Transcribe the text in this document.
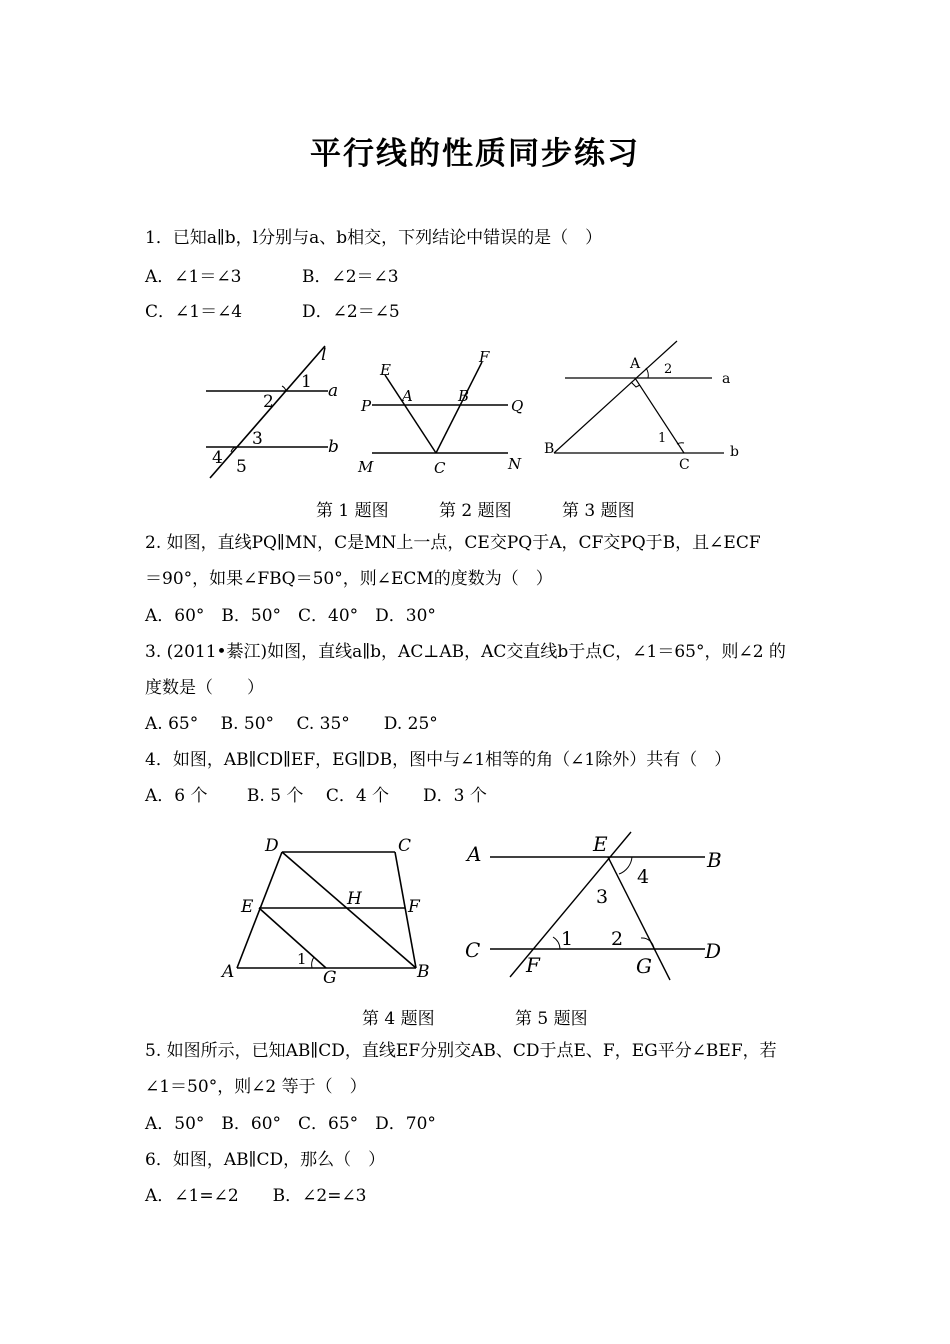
平行线的性质同步练习
1．已知a∥b，l分别与a、b相交，下列结论中错误的是（　）
A．∠1＝∠3	B．∠2＝∠3
C．∠1＝∠4	D．∠2＝∠5
l
1 a
2
3	b
4 5
E
F
A	B
P	Q
M	C	N
A 2
a
B
1
C
b
第 1 题图	第 2 题图	第 3 题图
2. 如图，直线PQ∥MN，C是MN上一点，CE交PQ于A，CF交PQ于B，且∠ECF
＝90°，如果∠FBQ＝50°，则∠ECM的度数为（　）
A．60°　B．50°　C．40°　D．30°
3. (2011•綦江)如图，直线a∥b，AC⊥AB，AC交直线b于点C，∠1＝65°，则∠2 的
度数是（　　）
A. 65°　 B. 50°　 C. 35°　　D. 25°
4．如图，AB∥CD∥EF，EG∥DB，图中与∠1相等的角（∠1除外）共有（　）
A．6 个　　 B. 5 个　 C．4 个　　D．3 个
D	C
E	H	F
1
A	G	B
A	E
B
3
4
C	1 2	D
F	G
第 4 题图	第 5 题图
5. 如图所示，已知AB∥CD，直线EF分别交AB、CD于点E、F，EG平分∠BEF，若
∠1＝50°，则∠2 等于（　）
A．50°　B．60°　C．65°　D．70°
6．如图，AB∥CD，那么（　）
A．∠1=∠2　　B．∠2=∠3
